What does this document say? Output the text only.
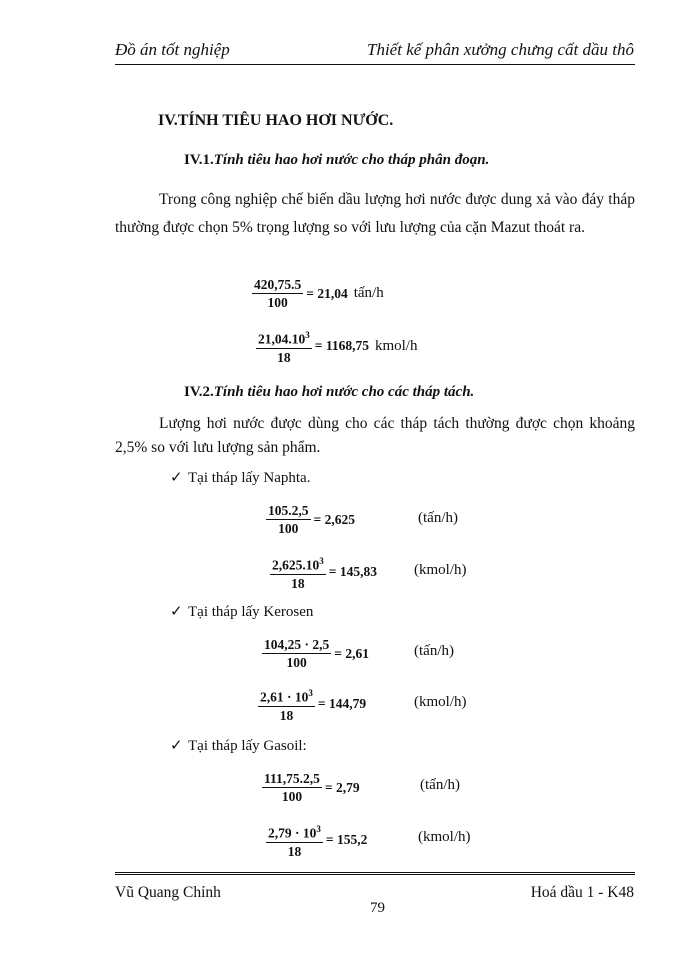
Đồ án tốt nghiệp	Thiết kế phân xưởng chưng cất dầu thô
IV.TÍNH TIÊU HAO HƠI NƯỚC.
IV.1.Tính tiêu hao hơi nước cho tháp phân đoạn.
Trong công nghiệp chế biến dầu lượng hơi nước được dung xả vào đáy tháp thường được chọn 5% trọng lượng so với lưu lượng của cặn Mazut thoát ra.
$\frac{420,75.5}{100} = 21,04$ tấn/h
$\frac{21,04.10^3}{18} = 1168,75$ kmol/h
IV.2.Tính tiêu hao hơi nước cho các tháp tách.
Lượng hơi nước được dùng cho các tháp tách thường được chọn khoảng 2,5% so với lưu lượng sản phẩm.
✓ Tại tháp lấy Naphta.
$\frac{105.2,5}{100} = 2,625$	(tấn/h)
$\frac{2,625.10^3}{18} = 145,83$ (kmol/h)
✓ Tại tháp lấy Kerosen
$\frac{104,25 \cdot 2,5}{100} = 2,61$	(tấn/h)
$\frac{2,61 \cdot 10^3}{18} = 144,79$	(kmol/h)
✓ Tại tháp lấy Gasoil:
$\frac{111,75.2,5}{100} = 2,79$	(tấn/h)
$\frac{2,79 \cdot 10^3}{18} = 155,2$	(kmol/h)
Vũ Quang Chỉnh	Hoá dầu 1 - K48
79
